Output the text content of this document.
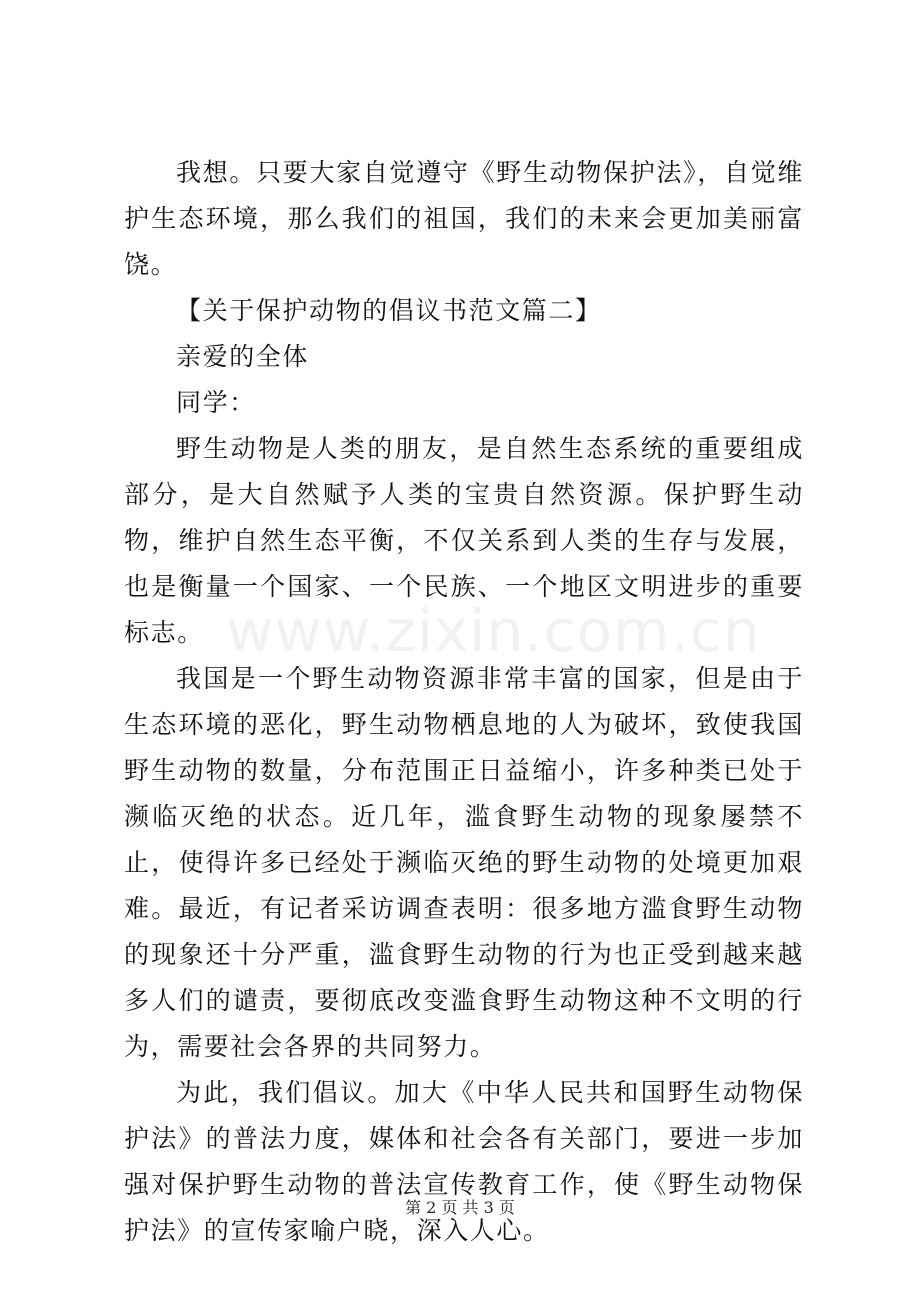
www.zixin.com.cn

我想。只要大家自觉遵守《野生动物保护法》，自觉维护生态环境，那么我们的祖国，我们的未来会更加美丽富饶。

【关于保护动物的倡议书范文篇二】

亲爱的全体

同学：

野生动物是人类的朋友，是自然生态系统的重要组成部分，是大自然赋予人类的宝贵自然资源。保护野生动物，维护自然生态平衡，不仅关系到人类的生存与发展，也是衡量一个国家、一个民族、一个地区文明进步的重要标志。

我国是一个野生动物资源非常丰富的国家，但是由于生态环境的恶化，野生动物栖息地的人为破坏，致使我国野生动物的数量，分布范围正日益缩小，许多种类已处于濒临灭绝的状态。近几年，滥食野生动物的现象屡禁不止，使得许多已经处于濒临灭绝的野生动物的处境更加艰难。最近，有记者采访调查表明：很多地方滥食野生动物的现象还十分严重，滥食野生动物的行为也正受到越来越多人们的谴责，要彻底改变滥食野生动物这种不文明的行为，需要社会各界的共同努力。

为此，我们倡议。加大《中华人民共和国野生动物保护法》的普法力度，媒体和社会各有关部门，要进一步加强对保护野生动物的普法宣传教育工作，使《野生动物保护法》的宣传家喻户晓，深入人心。

第 2 页 共 3 页
